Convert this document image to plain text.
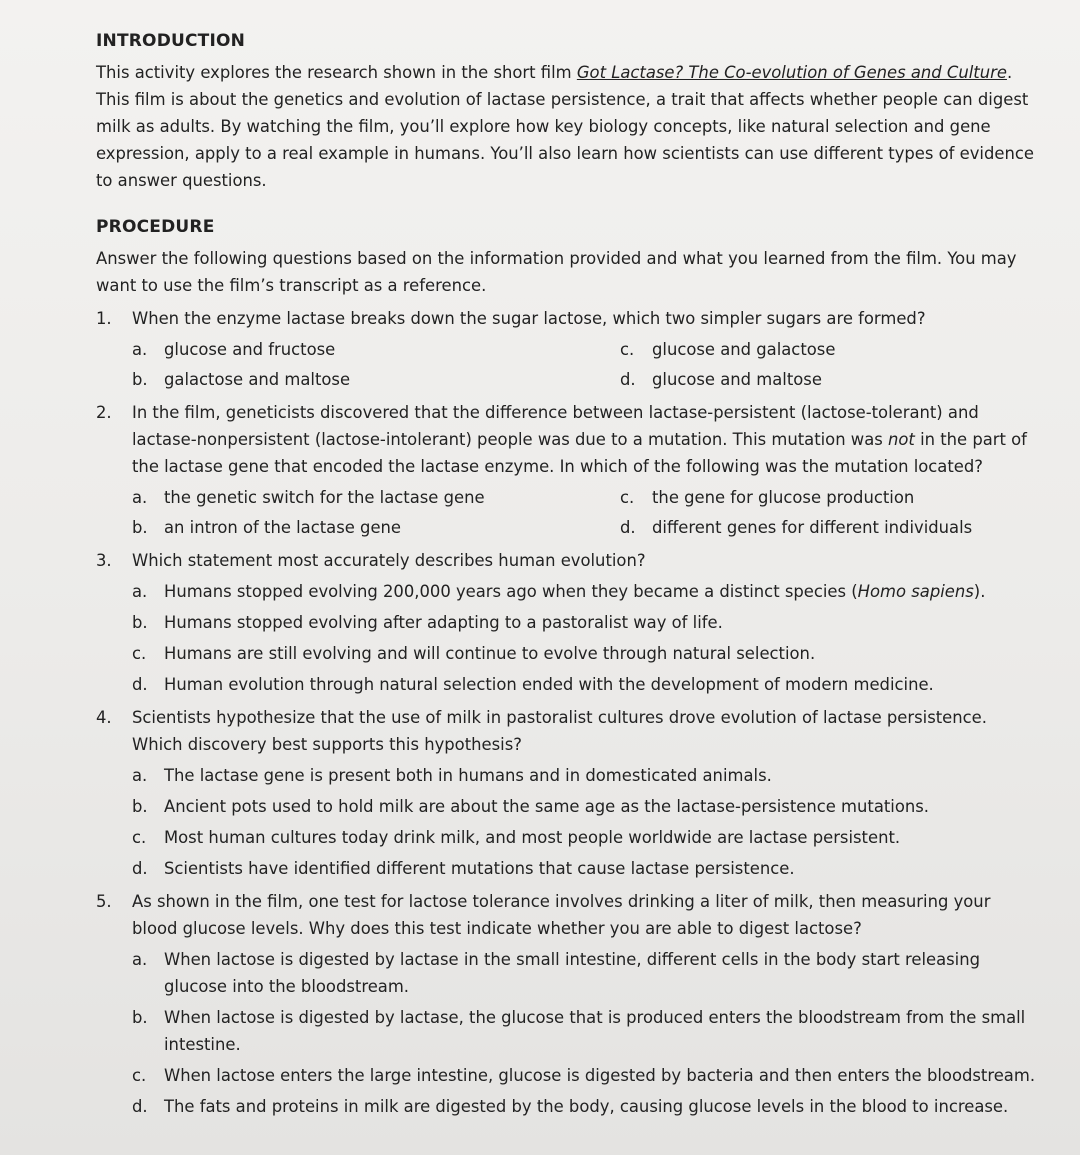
INTRODUCTION

This activity explores the research shown in the short film Got Lactase? The Co-evolution of Genes and Culture. This film is about the genetics and evolution of lactase persistence, a trait that affects whether people can digest milk as adults. By watching the film, you’ll explore how key biology concepts, like natural selection and gene expression, apply to a real example in humans. You’ll also learn how scientists can use different types of evidence to answer questions.

PROCEDURE

Answer the following questions based on the information provided and what you learned from the film. You may want to use the film’s transcript as a reference.

1.	When the enzyme lactase breaks down the sugar lactose, which two simpler sugars are formed?
a.	glucose and fructose	c.	glucose and galactose
b. galactose and maltose	d. glucose and maltose
2.	In the film, geneticists discovered that the difference between lactase-persistent (lactose-tolerant) and lactase-nonpersistent (lactose-intolerant) people was due to a mutation. This mutation was not in the part of the lactase gene that encoded the lactase enzyme. In which of the following was the mutation located?
a.	the genetic switch for the lactase gene	c.	the gene for glucose production
b. an intron of the lactase gene	d. different genes for different individuals
3.	Which statement most accurately describes human evolution?
a.	Humans stopped evolving 200,000 years ago when they became a distinct species (Homo sapiens).
b. Humans stopped evolving after adapting to a pastoralist way of life.
c.	Humans are still evolving and will continue to evolve through natural selection.
d. Human evolution through natural selection ended with the development of modern medicine.
4.	Scientists hypothesize that the use of milk in pastoralist cultures drove evolution of lactase persistence. Which discovery best supports this hypothesis?
a.	The lactase gene is present both in humans and in domesticated animals.
b. Ancient pots used to hold milk are about the same age as the lactase-persistence mutations.
c.	Most human cultures today drink milk, and most people worldwide are lactase persistent.
d. Scientists have identified different mutations that cause lactase persistence.
5.	As shown in the film, one test for lactose tolerance involves drinking a liter of milk, then measuring your blood glucose levels. Why does this test indicate whether you are able to digest lactose?
a.	When lactose is digested by lactase in the small intestine, different cells in the body start releasing glucose into the bloodstream.
b. When lactose is digested by lactase, the glucose that is produced enters the bloodstream from the small intestine.
c.	When lactose enters the large intestine, glucose is digested by bacteria and then enters the bloodstream.
d. The fats and proteins in milk are digested by the body, causing glucose levels in the blood to increase.
